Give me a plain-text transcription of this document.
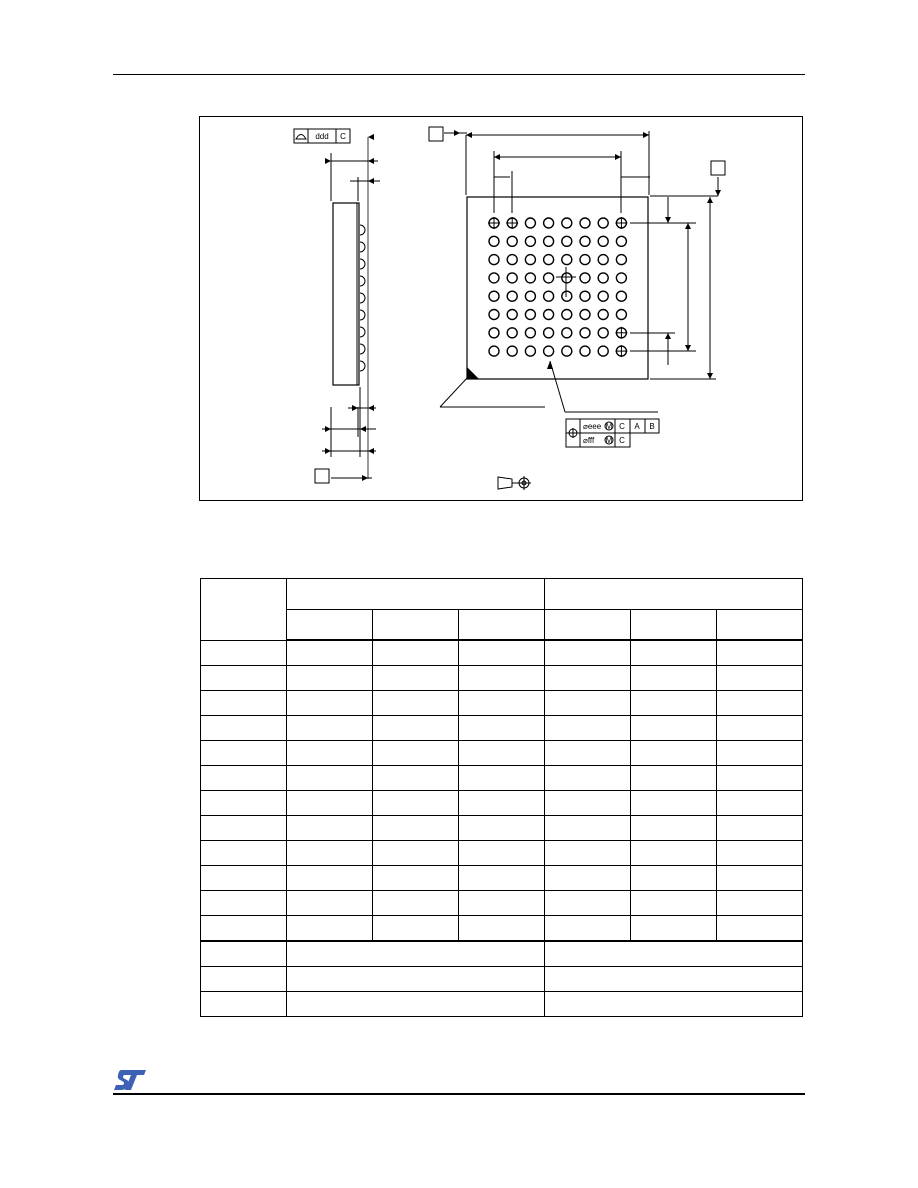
ddd C
⌀eee M C A B
⌀fff M C
